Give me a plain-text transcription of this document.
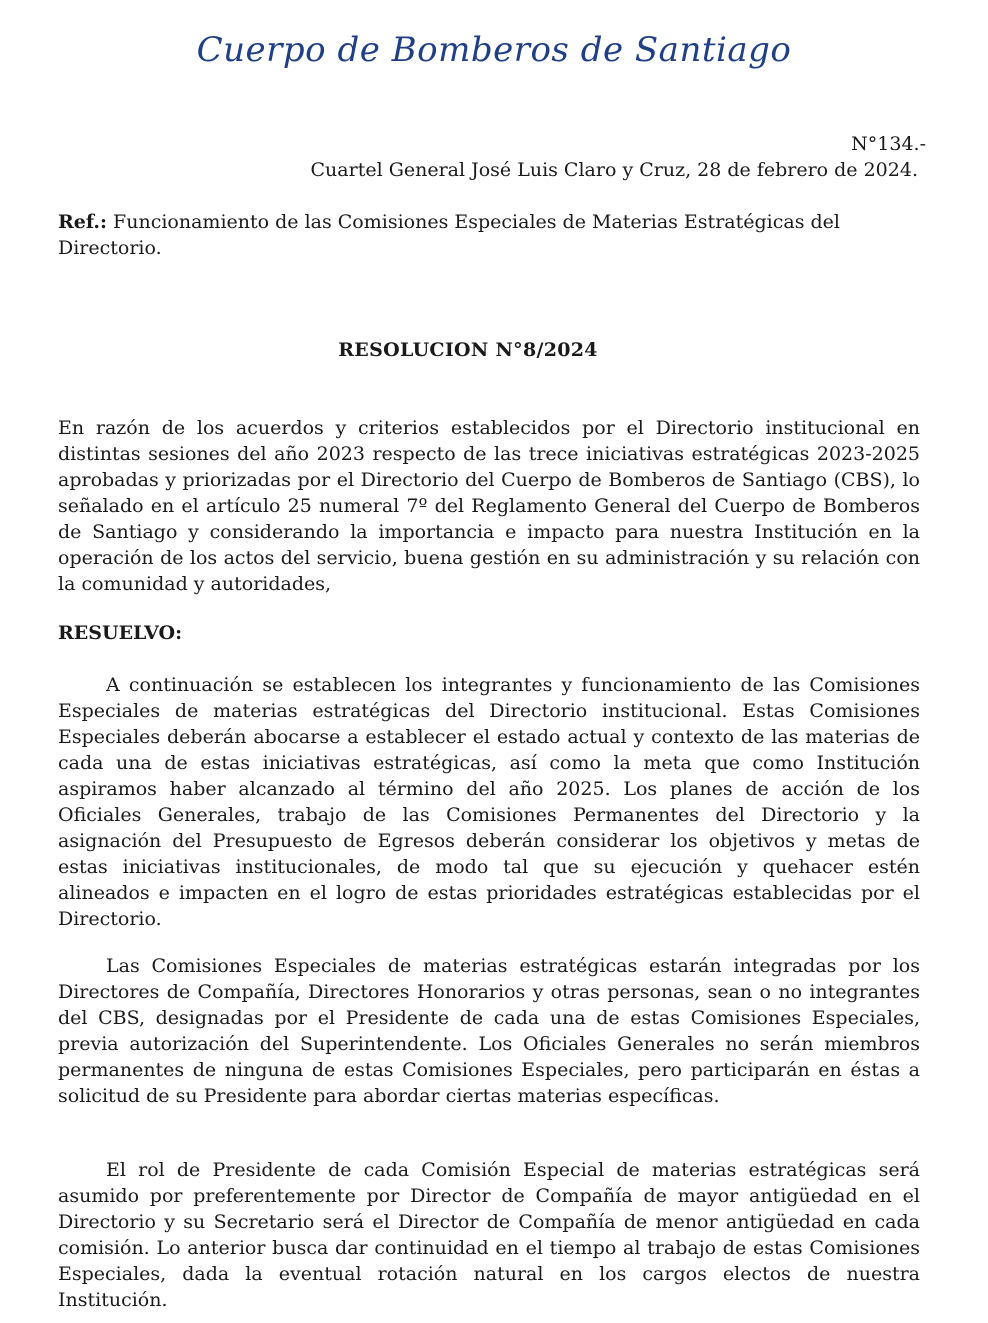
Cuerpo de Bomberos de Santiago
N°134.-
Cuartel General José Luis Claro y Cruz, 28 de febrero de 2024.
Ref.: Funcionamiento de las Comisiones Especiales de Materias Estratégicas del Directorio.
RESOLUCION N°8/2024
En razón de los acuerdos y criterios establecidos por el Directorio institucional en distintas sesiones del año 2023 respecto de las trece iniciativas estratégicas 2023-2025 aprobadas y priorizadas por el Directorio del Cuerpo de Bomberos de Santiago (CBS), lo señalado en el artículo 25 numeral 7º del Reglamento General del Cuerpo de Bomberos de Santiago y considerando la importancia e impacto para nuestra Institución en la operación de los actos del servicio, buena gestión en su administración y su relación con la comunidad y autoridades,
RESUELVO:
A continuación se establecen los integrantes y funcionamiento de las Comisiones Especiales de materias estratégicas del Directorio institucional. Estas Comisiones Especiales deberán abocarse a establecer el estado actual y contexto de las materias de cada una de estas iniciativas estratégicas, así como la meta que como Institución aspiramos haber alcanzado al término del año 2025. Los planes de acción de los Oficiales Generales, trabajo de las Comisiones Permanentes del Directorio y la asignación del Presupuesto de Egresos deberán considerar los objetivos y metas de estas iniciativas institucionales, de modo tal que su ejecución y quehacer estén alineados e impacten en el logro de estas prioridades estratégicas establecidas por el Directorio.
Las Comisiones Especiales de materias estratégicas estarán integradas por los Directores de Compañía, Directores Honorarios y otras personas, sean o no integrantes del CBS, designadas por el Presidente de cada una de estas Comisiones Especiales, previa autorización del Superintendente. Los Oficiales Generales no serán miembros permanentes de ninguna de estas Comisiones Especiales, pero participarán en éstas a solicitud de su Presidente para abordar ciertas materias específicas.
El rol de Presidente de cada Comisión Especial de materias estratégicas será asumido por preferentemente por Director de Compañía de mayor antigüedad en el Directorio y su Secretario será el Director de Compañía de menor antigüedad en cada comisión. Lo anterior busca dar continuidad en el tiempo al trabajo de estas Comisiones Especiales, dada la eventual rotación natural en los cargos electos de nuestra Institución.
